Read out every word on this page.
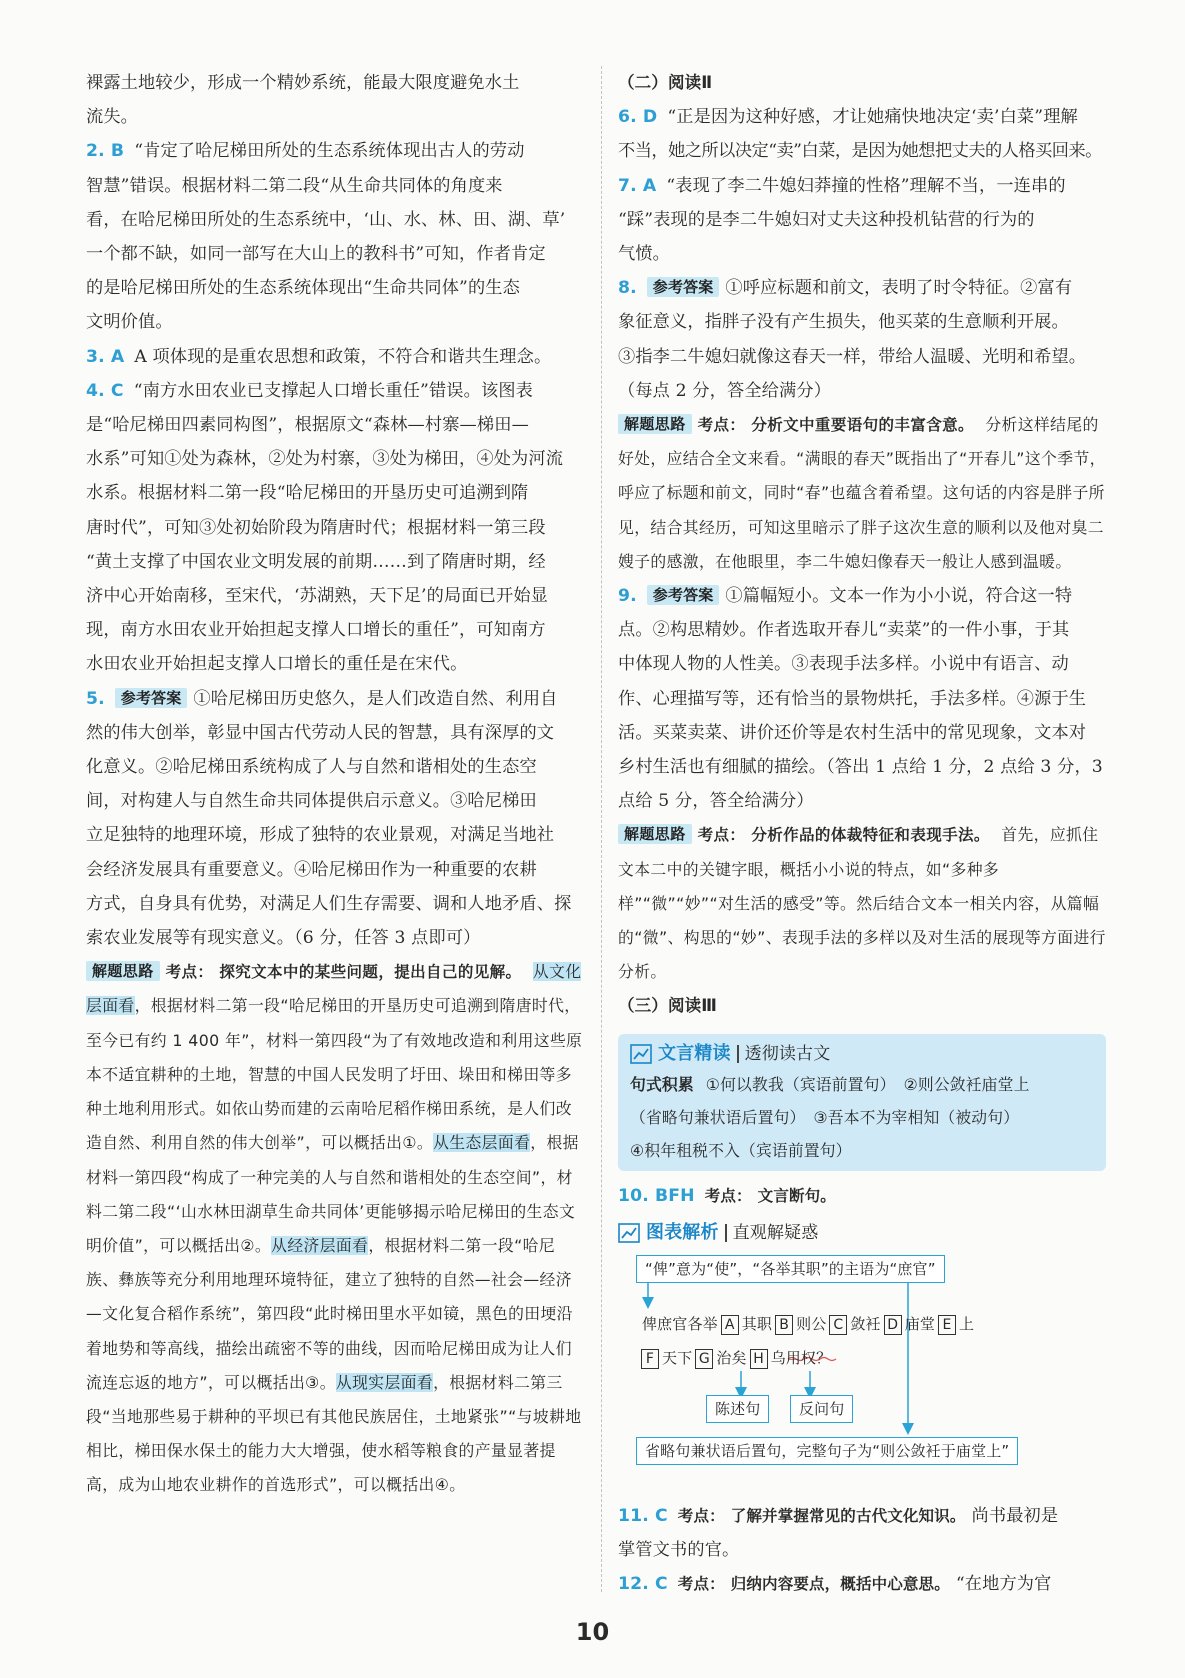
裸露土地较少，形成一个精妙系统，能最大限度避免水土

流失。

2. B “肯定了哈尼梯田所处的生态系统体现出古人的劳动

智慧”错误。根据材料二第二段“从生命共同体的角度来

看，在哈尼梯田所处的生态系统中，‘山、水、林、田、湖、草’

一个都不缺，如同一部写在大山上的教科书”可知，作者肯定

的是哈尼梯田所处的生态系统体现出“生命共同体”的生态

文明价值。

3. A A 项体现的是重农思想和政策，不符合和谐共生理念。

4. C “南方水田农业已支撑起人口增长重任”错误。该图表

是“哈尼梯田四素同构图”，根据原文“森林—村寨—梯田—

水系”可知①处为森林，②处为村寨，③处为梯田，④处为河流

水系。根据材料二第一段“哈尼梯田的开垦历史可追溯到隋

唐时代”，可知③处初始阶段为隋唐时代；根据材料一第三段

“黄土支撑了中国农业文明发展的前期……到了隋唐时期，经

济中心开始南移，至宋代，‘苏湖熟，天下足’的局面已开始显

现，南方水田农业开始担起支撑人口增长的重任”，可知南方

水田农业开始担起支撑人口增长的重任是在宋代。

5. 参考答案 ①哈尼梯田历史悠久，是人们改造自然、利用自

然的伟大创举，彰显中国古代劳动人民的智慧，具有深厚的文

化意义。②哈尼梯田系统构成了人与自然和谐相处的生态空

间，对构建人与自然生命共同体提供启示意义。③哈尼梯田

立足独特的地理环境，形成了独特的农业景观，对满足当地社

会经济发展具有重要意义。④哈尼梯田作为一种重要的农耕

方式，自身具有优势，对满足人们生存需要、调和人地矛盾、探

索农业发展等有现实意义。（6 分，任答 3 点即可）

解题思路 考点： 探究文本中的某些问题，提出自己的见解。 从文化层面看，根据材料二第一段“哈尼梯田的开垦历史可追溯到隋唐时代，至今已有约 1 400 年”，材料一第四段“为了有效地改造和利用这些原本不适宜耕种的土地，智慧的中国人民发明了圩田、垛田和梯田等多种土地利用形式。如依山势而建的云南哈尼稻作梯田系统，是人们改造自然、利用自然的伟大创举”，可以概括出①。从生态层面看，根据材料一第四段“构成了一种完美的人与自然和谐相处的生态空间”，材料二第二段“‘山水林田湖草生命共同体’更能够揭示哈尼梯田的生态文明价值”，可以概括出②。从经济层面看，根据材料二第一段“哈尼族、彝族等充分利用地理环境特征，建立了独特的自然—社会—经济—文化复合稻作系统”，第四段“此时梯田里水平如镜，黑色的田埂沿着地势和等高线，描绘出疏密不等的曲线，因而哈尼梯田成为让人们流连忘返的地方”，可以概括出③。从现实层面看，根据材料二第三段“当地那些易于耕种的平坝已有其他民族居住，土地紧张”“与坡耕地相比，梯田保水保土的能力大大增强，使水稻等粮食的产量显著提高，成为山地农业耕作的首选形式”，可以概括出④。

（二）阅读Ⅱ

6. D “正是因为这种好感，才让她痛快地决定‘卖’白菜”理解

不当，她之所以决定“卖”白菜，是因为她想把丈夫的人格买回来。

7. A “表现了李二牛媳妇莽撞的性格”理解不当，一连串的

“踩”表现的是李二牛媳妇对丈夫这种投机钻营的行为的

气愤。

8. 参考答案 ①呼应标题和前文，表明了时令特征。②富有

象征意义，指胖子没有产生损失，他买菜的生意顺利开展。

③指李二牛媳妇就像这春天一样，带给人温暖、光明和希望。

（每点 2 分，答全给满分）

解题思路 考点： 分析文中重要语句的丰富含意。 分析这样结尾的好处，应结合全文来看。“满眼的春天”既指出了“开春儿”这个季节，呼应了标题和前文，同时“春”也蕴含着希望。这句话的内容是胖子所见，结合其经历，可知这里暗示了胖子这次生意的顺利以及他对臭二嫂子的感激，在他眼里，李二牛媳妇像春天一般让人感到温暖。

9. 参考答案 ①篇幅短小。文本一作为小小说，符合这一特

点。②构思精妙。作者选取开春儿“卖菜”的一件小事，于其

中体现人物的人性美。③表现手法多样。小说中有语言、动

作、心理描写等，还有恰当的景物烘托，手法多样。④源于生

活。买菜卖菜、讲价还价等是农村生活中的常见现象，文本对

乡村生活也有细腻的描绘。（答出 1 点给 1 分，2 点给 3 分，3

点给 5 分，答全给满分）

解题思路 考点： 分析作品的体裁特征和表现手法。 首先，应抓住文本二中的关键字眼，概括小小说的特点，如“多种多样”“微”“妙”“对生活的感受”等。然后结合文本一相关内容，从篇幅的“微”、构思的“妙”、表现手法的多样以及对生活的展现等方面进行分析。

（三）阅读Ⅲ

文言精读 透彻读古文

句式积累 ①何以教我（宾语前置句）　②则公敛衽庙堂上

（省略句兼状语后置句）　③吾本不为宰相知（被动句）

④积年租税不入（宾语前置句）

10. BFH 考点： 文言断句。

图表解析 直观解疑惑
“俾”意为“使”，“各举其职”的主语为“庶官”
俾庶官各举 A 其职 B 则公 C 敛衽 D 庙堂 E 上
F 天下 G 治矣 H 乌用权？
陈述句	反问句
省略句兼状语后置句，完整句子为“则公敛衽于庙堂上”

11. C 考点： 了解并掌握常见的古代文化知识。 尚书最初是

掌管文书的官。

12. C 考点： 归纳内容要点，概括中心意思。 “在地方为官

10
